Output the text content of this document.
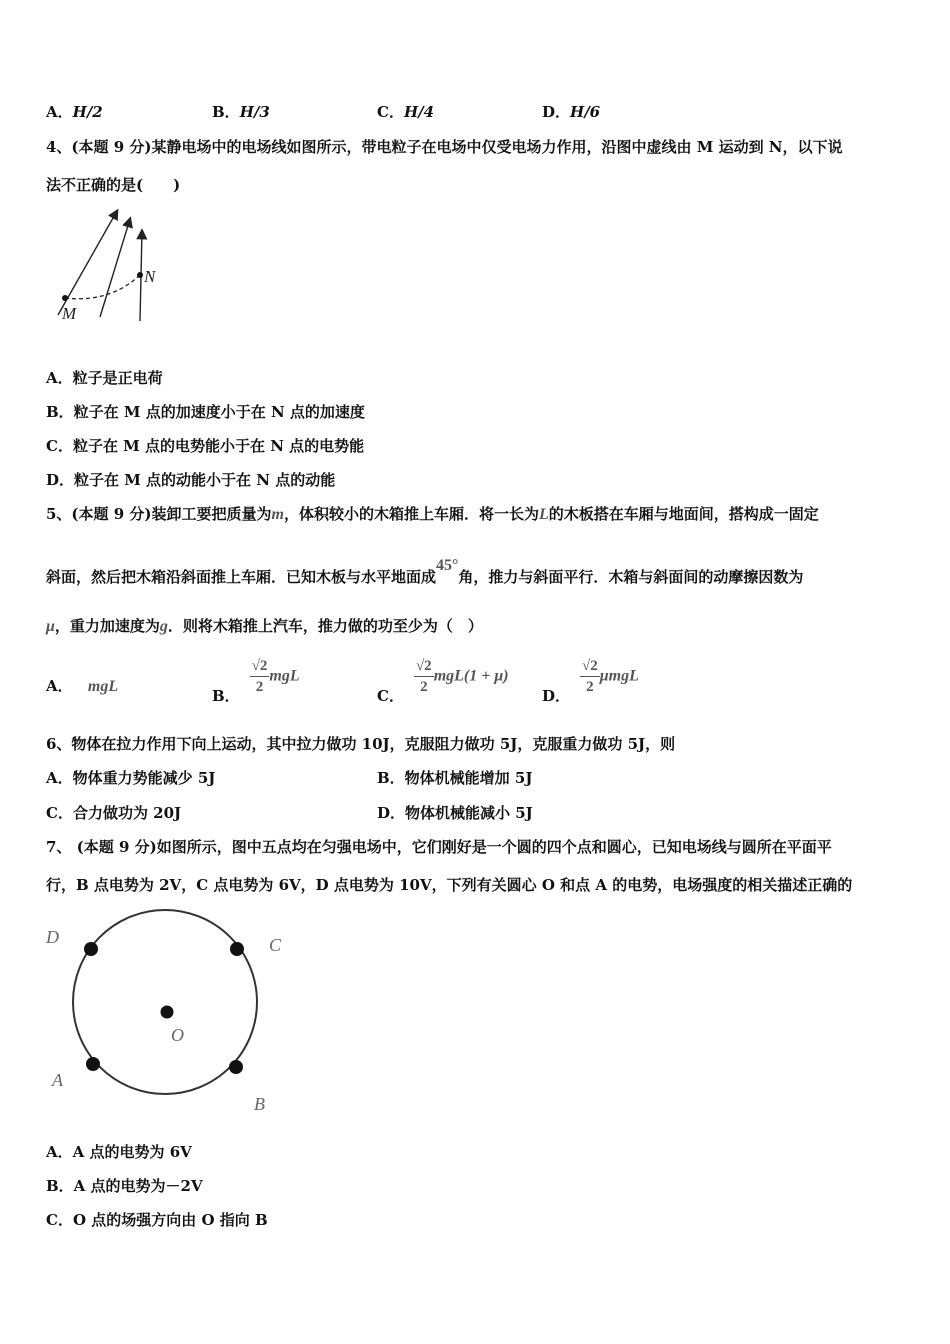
A．H/2	B．H/3	C．H/4	D．H/6
4、(本题 9 分)某静电场中的电场线如图所示，带电粒子在电场中仅受电场力作用，沿图中虚线由 M 运动到 N，以下说
法不正确的是(　　)
M
N
A．粒子是正电荷
B．粒子在 M 点的加速度小于在 N 点的加速度
C．粒子在 M 点的电势能小于在 N 点的电势能
D．粒子在 M 点的动能小于在 N 点的动能
5、(本题 9 分)装卸工要把质量为m，体积较小的木箱推上车厢．将一长为L的木板搭在车厢与地面间，搭构成一固定
斜面，然后把木箱沿斜面推上车厢．已知木板与水平地面成45°角，推力与斜面平行．木箱与斜面间的动摩擦因数为
μ，重力加速度为g．则将木箱推上汽车，推力做的功至少为（　）
A． mgL	B． $\frac{√2}{2}$ mgL
C． $\frac{√2}{2} mgL(1 + \mu)$
D． $\frac{√2}{2}$ μmgL
6、物体在拉力作用下向上运动，其中拉力做功 10J，克服阻力做功 5J，克服重力做功 5J，则
A．物体重力势能减少 5J	B．物体机械能增加 5J
C．合力做功为 20J	D．物体机械能减小 5J
7、 (本题 9 分)如图所示，图中五点均在匀强电场中，它们刚好是一个圆的四个点和圆心，已知电场线与圆所在平面平
行，B 点电势为 2V，C 点电势为 6V，D 点电势为 10V，下列有关圆心 O 和点 A 的电势，电场强度的相关描述正确的
D	C
O
A
B
A．A 点的电势为 6V
B．A 点的电势为－2V
C．O 点的场强方向由 O 指向 B
